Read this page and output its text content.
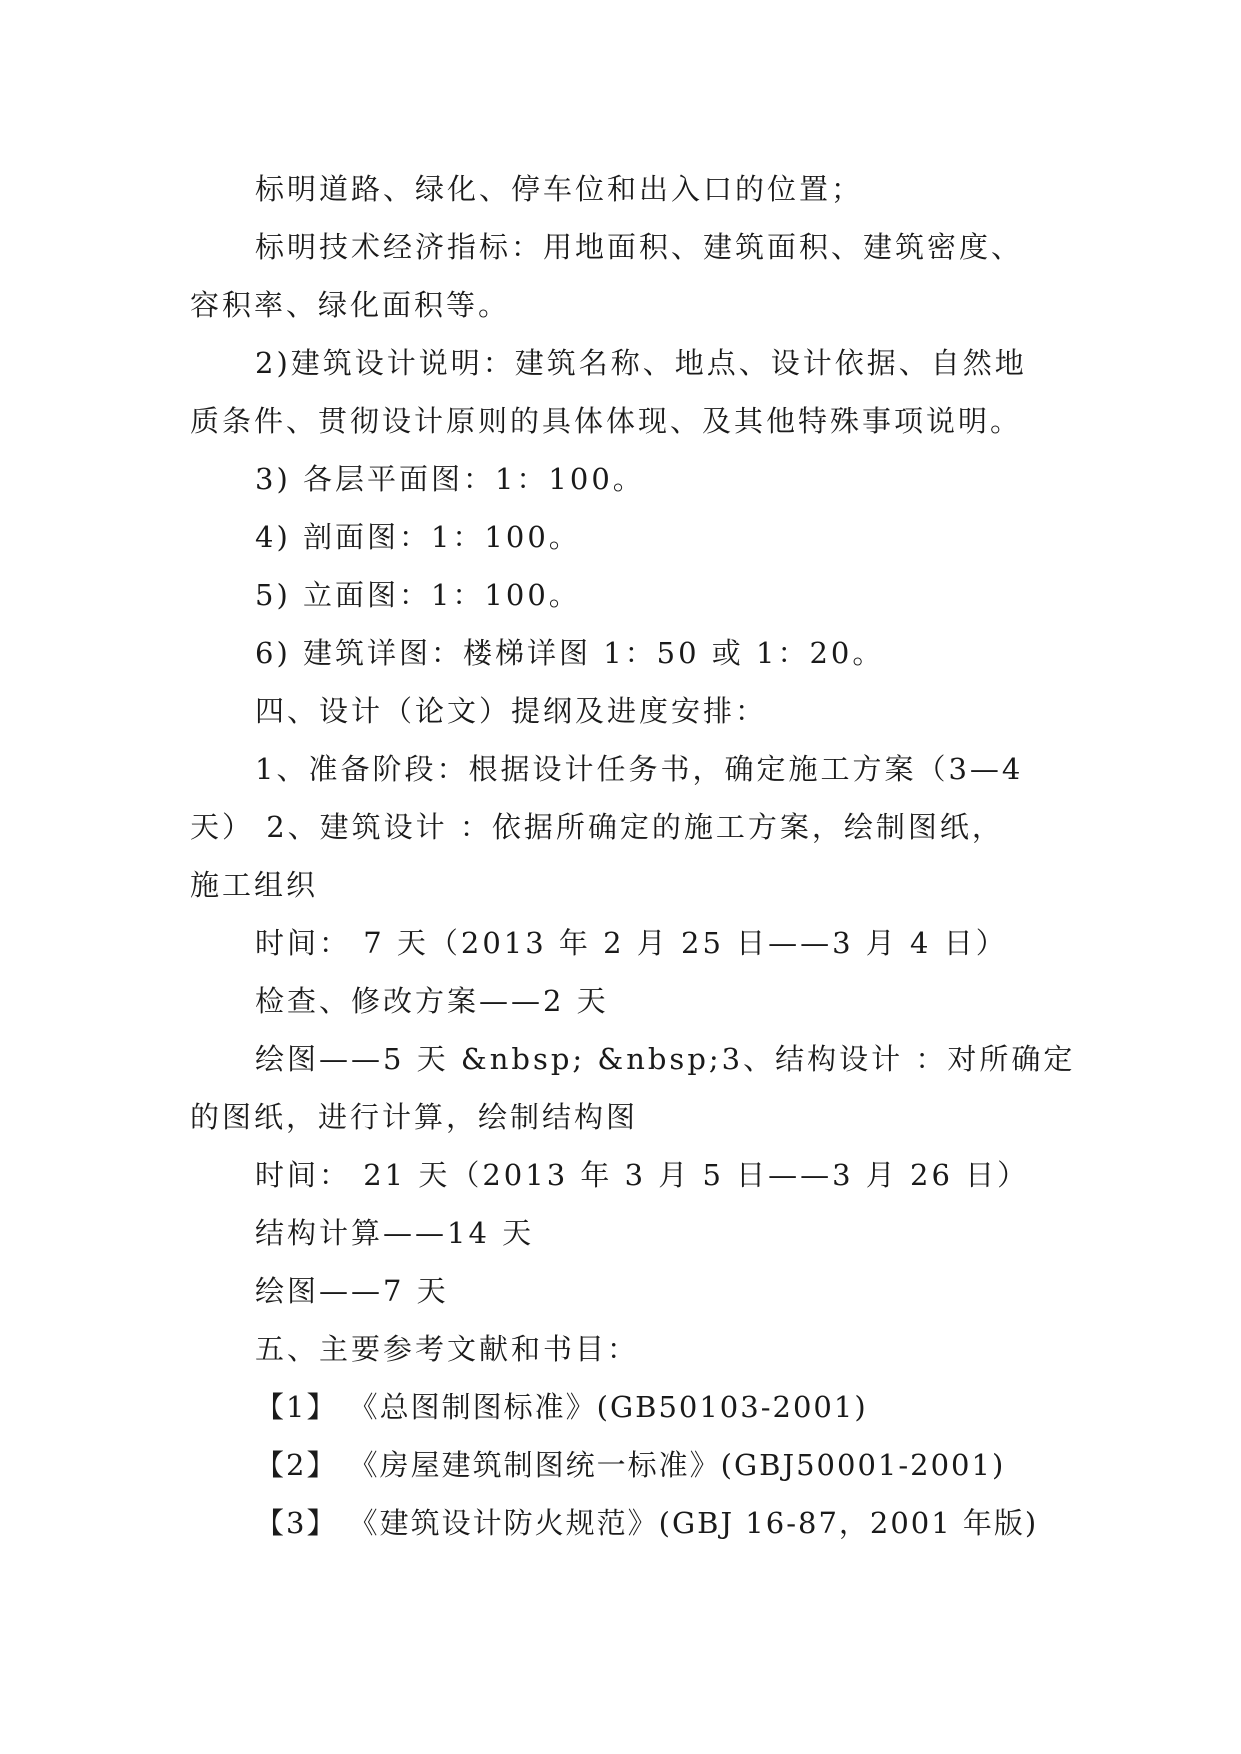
标明道路、绿化、停车位和出入口的位置；

标明技术经济指标：用地面积、建筑面积、建筑密度、

容积率、绿化面积等。

2)建筑设计说明：建筑名称、地点、设计依据、自然地

质条件、贯彻设计原则的具体体现、及其他特殊事项说明。

3) 各层平面图：1：100。

4) 剖面图：1：100。

5) 立面图：1：100。

6) 建筑详图：楼梯详图 1：50 或 1：20。

四、设计（论文）提纲及进度安排：

1、准备阶段：根据设计任务书，确定施工方案（3—4

天） 2、建筑设计 ：依据所确定的施工方案，绘制图纸，

施工组织

时间： 7 天（2013 年 2 月 25 日——3 月 4 日）

检查、修改方案——2 天

绘图——5 天 &nbsp; &nbsp;3、结构设计 ：对所确定

的图纸，进行计算，绘制结构图

时间： 21 天（2013 年 3 月 5 日——3 月 26 日）

结构计算——14 天

绘图——7 天

五、主要参考文献和书目：

【1】 《总图制图标准》(GB50103-2001)

【2】 《房屋建筑制图统一标准》(GBJ50001-2001)

【3】 《建筑设计防火规范》(GBJ 16-87，2001 年版)
